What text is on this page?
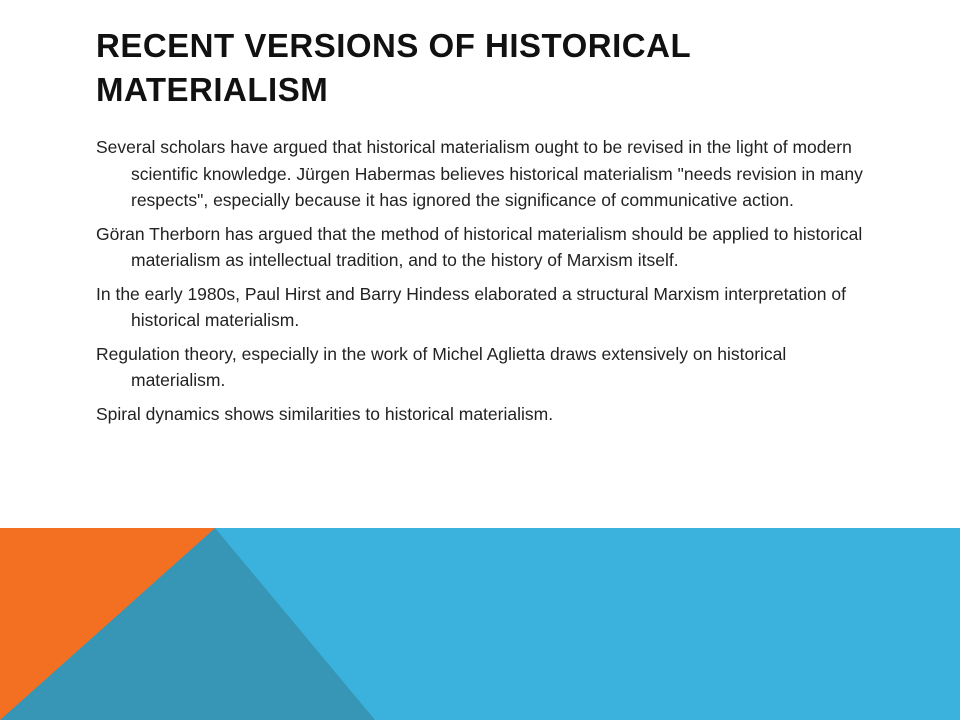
RECENT VERSIONS OF HISTORICAL MATERIALISM
Several scholars have argued that historical materialism ought to be revised in the light of modern scientific knowledge. Jürgen Habermas believes historical materialism "needs revision in many respects", especially because it has ignored the significance of communicative action.
Göran Therborn has argued that the method of historical materialism should be applied to historical materialism as intellectual tradition, and to the history of Marxism itself.
In the early 1980s, Paul Hirst and Barry Hindess elaborated a structural Marxism interpretation of historical materialism.
Regulation theory, especially in the work of Michel Aglietta draws extensively on historical materialism.
Spiral dynamics shows similarities to historical materialism.
